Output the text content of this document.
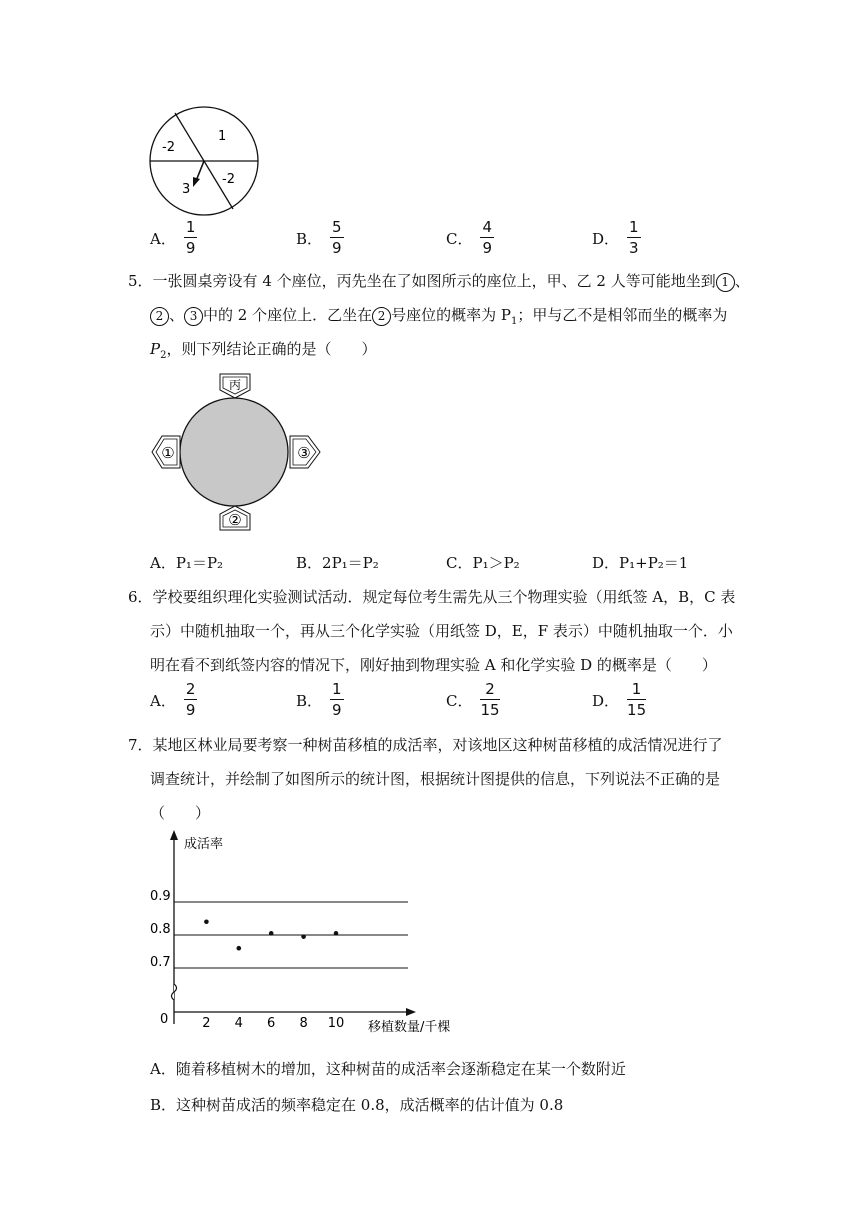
1
-2
-2
3
A． $\frac{1}{9}$	B． $\frac{5}{9}$	C． $\frac{4}{9}$	D． $\frac{1}{3}$
5．一张圆桌旁设有 4 个座位，丙先坐在了如图所示的座位上，甲、乙 2 人等可能地坐到 1 、
2 、 3 中的 2 个座位上．乙坐在 2 号座位的概率为 $P_1$；甲与乙不是相邻而坐的概率为
$P_2$，则下列结论正确的是（　　）
丙
①	③
②
A．P₁＝P₂	B．2P₁＝P₂	C．P₁＞P₂	D．P₁+P₂＝1
6．学校要组织理化实验测试活动．规定每位考生需先从三个物理实验（用纸签 A，B，C 表
示）中随机抽取一个，再从三个化学实验（用纸签 D，E，F 表示）中随机抽取一个．小
明在看不到纸签内容的情况下，刚好抽到物理实验 A 和化学实验 D 的概率是（　　）
A． $\frac{2}{9}$	B． $\frac{1}{9}$	C． $\frac{2}{15}$	D． $\frac{1}{15}$
7．某地区林业局要考察一种树苗移植的成活率，对该地区这种树苗移植的成活情况进行了
调查统计，并绘制了如图所示的统计图，根据统计图提供的信息，下列说法不正确的是
（　　）
成活率
移植数量/千棵
0
0.7
0.8
0.9
2 4 6 8 10
A．随着移植树木的增加，这种树苗的成活率会逐渐稳定在某一个数附近
B．这种树苗成活的频率稳定在 0.8，成活概率的估计值为 0.8
